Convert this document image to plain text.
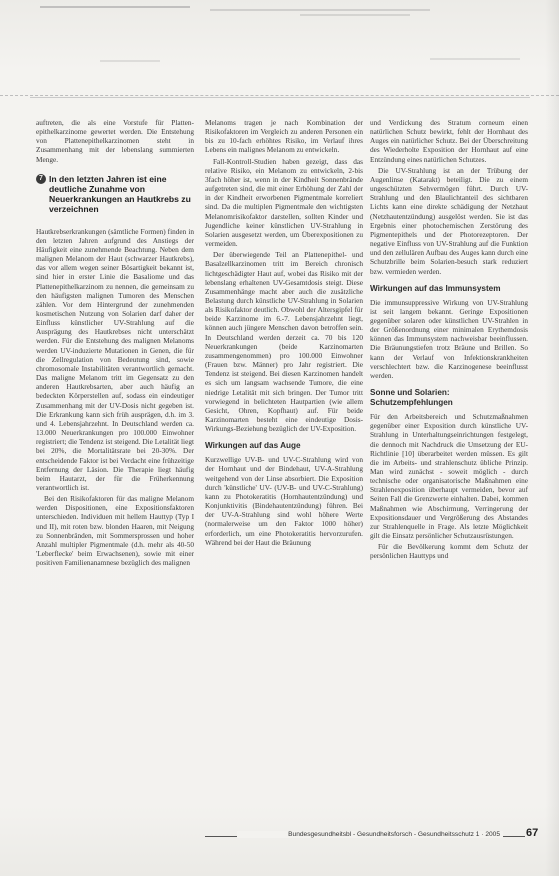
auftreten, die als eine Vorstufe für Platten-epithelkarzinome gewertet werden. Die Entstehung von Plattenepithelkarzinomen steht in Zusammenhang mit der lebenslang summierten Menge.

7 In den letzten Jahren ist eine deutliche Zunahme von Neuerkrankungen an Hautkrebs zu verzeichnen

Hautkrebserkrankungen (sämtliche Formen) finden in den letzten Jahren aufgrund des Anstiegs der Häufigkeit eine zunehmende Beachtung. Neben dem malignen Melanom der Haut (schwarzer Hautkrebs), das vor allem wegen seiner Bösartigkeit bekannt ist, sind hier in erster Linie die Basaliome und das Plattenepithelkarzinom zu nennen, die gemeinsam zu den häufigsten malignen Tumoren des Menschen zählen. Vor dem Hintergrund der zunehmenden kosmetischen Nutzung von Solarien darf daher der Einfluss künstlicher UV-Strahlung auf die Ausprägung des Hautkrebses nicht unterschätzt werden. Für die Entstehung des malignen Melanoms werden UV-induzierte Mutationen in Genen, die für die Zellregulation von Bedeutung sind, sowie chromosomale Instabilitäten verantwortlich gemacht. Das maligne Melanom tritt im Gegensatz zu den anderen Hautkrebsarten, aber auch häufig an bedeckten Körperstellen auf, sodass ein eindeutiger Zusammenhang mit der UV-Dosis nicht gegeben ist. Die Erkrankung kann sich früh ausprägen, d.h. im 3. und 4. Lebensjahrzehnt. In Deutschland werden ca. 13.000 Neuerkrankungen pro 100.000 Einwohner registriert; die Tendenz ist steigend. Die Letalität liegt bei 20%, die Mortalitätsrate bei 20-30%. Der entscheidende Faktor ist bei Verdacht eine frühzeitige Entfernung der Läsion. Die Therapie liegt häufig beim Hautarzt, der für die Früherkennung verantwortlich ist.

Bei den Risikofaktoren für das maligne Melanom werden Dispositionen, eine Expositionsfaktoren unterschieden. Individuen mit hellem Hauttyp (Typ I und II), mit roten bzw. blonden Haaren, mit Neigung zu Sonnenbränden, mit Sommersprossen und hoher Anzahl multipler Pigmentmale (d.h. mehr als 40-50 'Leberflecke' beim Erwachsenen), sowie mit einer positiven Familienanamnese bezüglich des malignen

Melanoms tragen je nach Kombination der Risikofaktoren im Vergleich zu anderen Personen ein bis zu 10-fach erhöhtes Risiko, im Verlauf ihres Lebens ein malignes Melanom zu entwickeln.

Fall-Kontroll-Studien haben gezeigt, dass das relative Risiko, ein Melanom zu entwickeln, 2-bis 3fach höher ist, wenn in der Kindheit Sonnenbrände aufgetreten sind, die mit einer Erhöhung der Zahl der in der Kindheit erworbenen Pigmentmale korreliert sind. Da die multiplen Pigmentmale den wichtigsten Melanomrisikofaktor darstellen, sollten Kinder und Jugendliche keiner künstlichen UV-Strahlung in Solarien ausgesetzt werden, um Überexpositionen zu vermeiden.

Der überwiegende Teil an Plattenepithel- und Basalzellkarzinomen tritt im Bereich chronisch lichtgeschädigter Haut auf, wobei das Risiko mit der lebenslang erhaltenen UV-Gesamtdosis steigt. Diese Zusammenhänge macht aber auch die zusätzliche Belastung durch künstliche UV-Strahlung in Solarien als Risikofaktor deutlich. Obwohl der Altersgipfel für beide Karzinome im 6.-7. Lebensjahrzehnt liegt, können auch jüngere Menschen davon betroffen sein. In Deutschland werden derzeit ca. 70 bis 120 Neuerkrankungen (beide Karzinomarten zusammengenommen) pro 100.000 Einwohner (Frauen bzw. Männer) pro Jahr registriert. Die Tendenz ist steigend. Bei diesen Karzinomen handelt es sich um langsam wachsende Tumore, die eine niedrige Letalität mit sich bringen. Der Tumor tritt vorwiegend in belichteten Hautpartien (wie allem Gesicht, Ohren, Kopfhaut) auf. Für beide Karzinomarten besteht eine eindeutige Dosis-Wirkungs-Beziehung bezüglich der UV-Exposition.

Wirkungen auf das Auge

Kurzwellige UV-B- und UV-C-Strahlung wird von der Hornhaut und der Bindehaut, UV-A-Strahlung weitgehend von der Linse absorbiert. Die Exposition durch 'künstliche' UV- (UV-B- und UV-C-Strahlung) kann zu Photokeratitis (Hornhautentzündung) und Konjunktivitis (Bindehautentzündung) führen. Bei der UV-A-Strahlung sind wohl höhere Werte (normalerweise um den Faktor 1000 höher) erforderlich, um eine Photokeratitis hervorzurufen. Während bei der Haut die Bräunung

und Verdickung des Stratum corneum einen natürlichen Schutz bewirkt, fehlt der Hornhaut des Auges ein natürlicher Schutz. Bei der Überschreitung des Wiederholte Exposition der Hornhaut auf eine Entzündung eines natürlichen Schutzes.

Die UV-Strahlung ist an der Trübung der Augenlinse (Katarakt) beteiligt. Die zu einem ungeschützten Sehvermögen führt. Durch UV-Strahlung und den Blaulichtanteil des sichtbaren Lichts kann eine direkte schädigung der Netzhaut (Netzhautentzündung) ausgelöst werden. Sie ist das Ergebnis einer photochemischen Zerstörung des Pigmentepithels und der Photorezeptoren. Der negative Einfluss von UV-Strahlung auf die Funktion und den zellulären Aufbau des Auges kann durch eine Schutzbrille beim Solarien-besuch stark reduziert bzw. vermieden werden.

Wirkungen auf das Immunsystem

Die immunsuppressive Wirkung von UV-Strahlung ist seit langem bekannt. Geringe Expositionen gegenüber solaren oder künstlichen UV-Strahlen in der Größenordnung einer minimalen Erythemdosis können das Immunsystem nachweisbar beeinflussen. Die Bräunungstiefen trotz Bräune und Brillen. So kann der Verlauf von Infektionskrankheiten verschlechtert bzw. die Karzinogenese beeinflusst werden.

Sonne und Solarien: Schutzempfehlungen

Für den Arbeitsbereich und Schutzmaßnahmen gegenüber einer Exposition durch künstliche UV-Strahlung in Unterhaltungseinrichtungen festgelegt, die dennoch mit Nachdruck die Umsetzung der EU-Richtlinie [10] überarbeitet werden müssen. Es gilt die im Arbeits- und strahlenschutz übliche Prinzip. Man wird zunächst - soweit möglich - durch technische oder organisatorische Maßnahmen eine Strahlenexposition überhaupt vermeiden, bevor auf Seiten Fall die Grenzwerte einhalten. Dabei, kommen Maßnahmen wie Abschirmung, Verringerung der Expositionsdauer und Vergrößerung des Abstandes zur Strahlenquelle in Frage. Als letzte Möglichkeit gilt die Einsatz persönlicher Schutzausrüstungen.

Für die Bevölkerung kommt dem Schutz der persönlichen Hauttyps und

Bundesgesundheitsbl - Gesundheitsforsch - Gesundheitsschutz 1 · 2005 67
